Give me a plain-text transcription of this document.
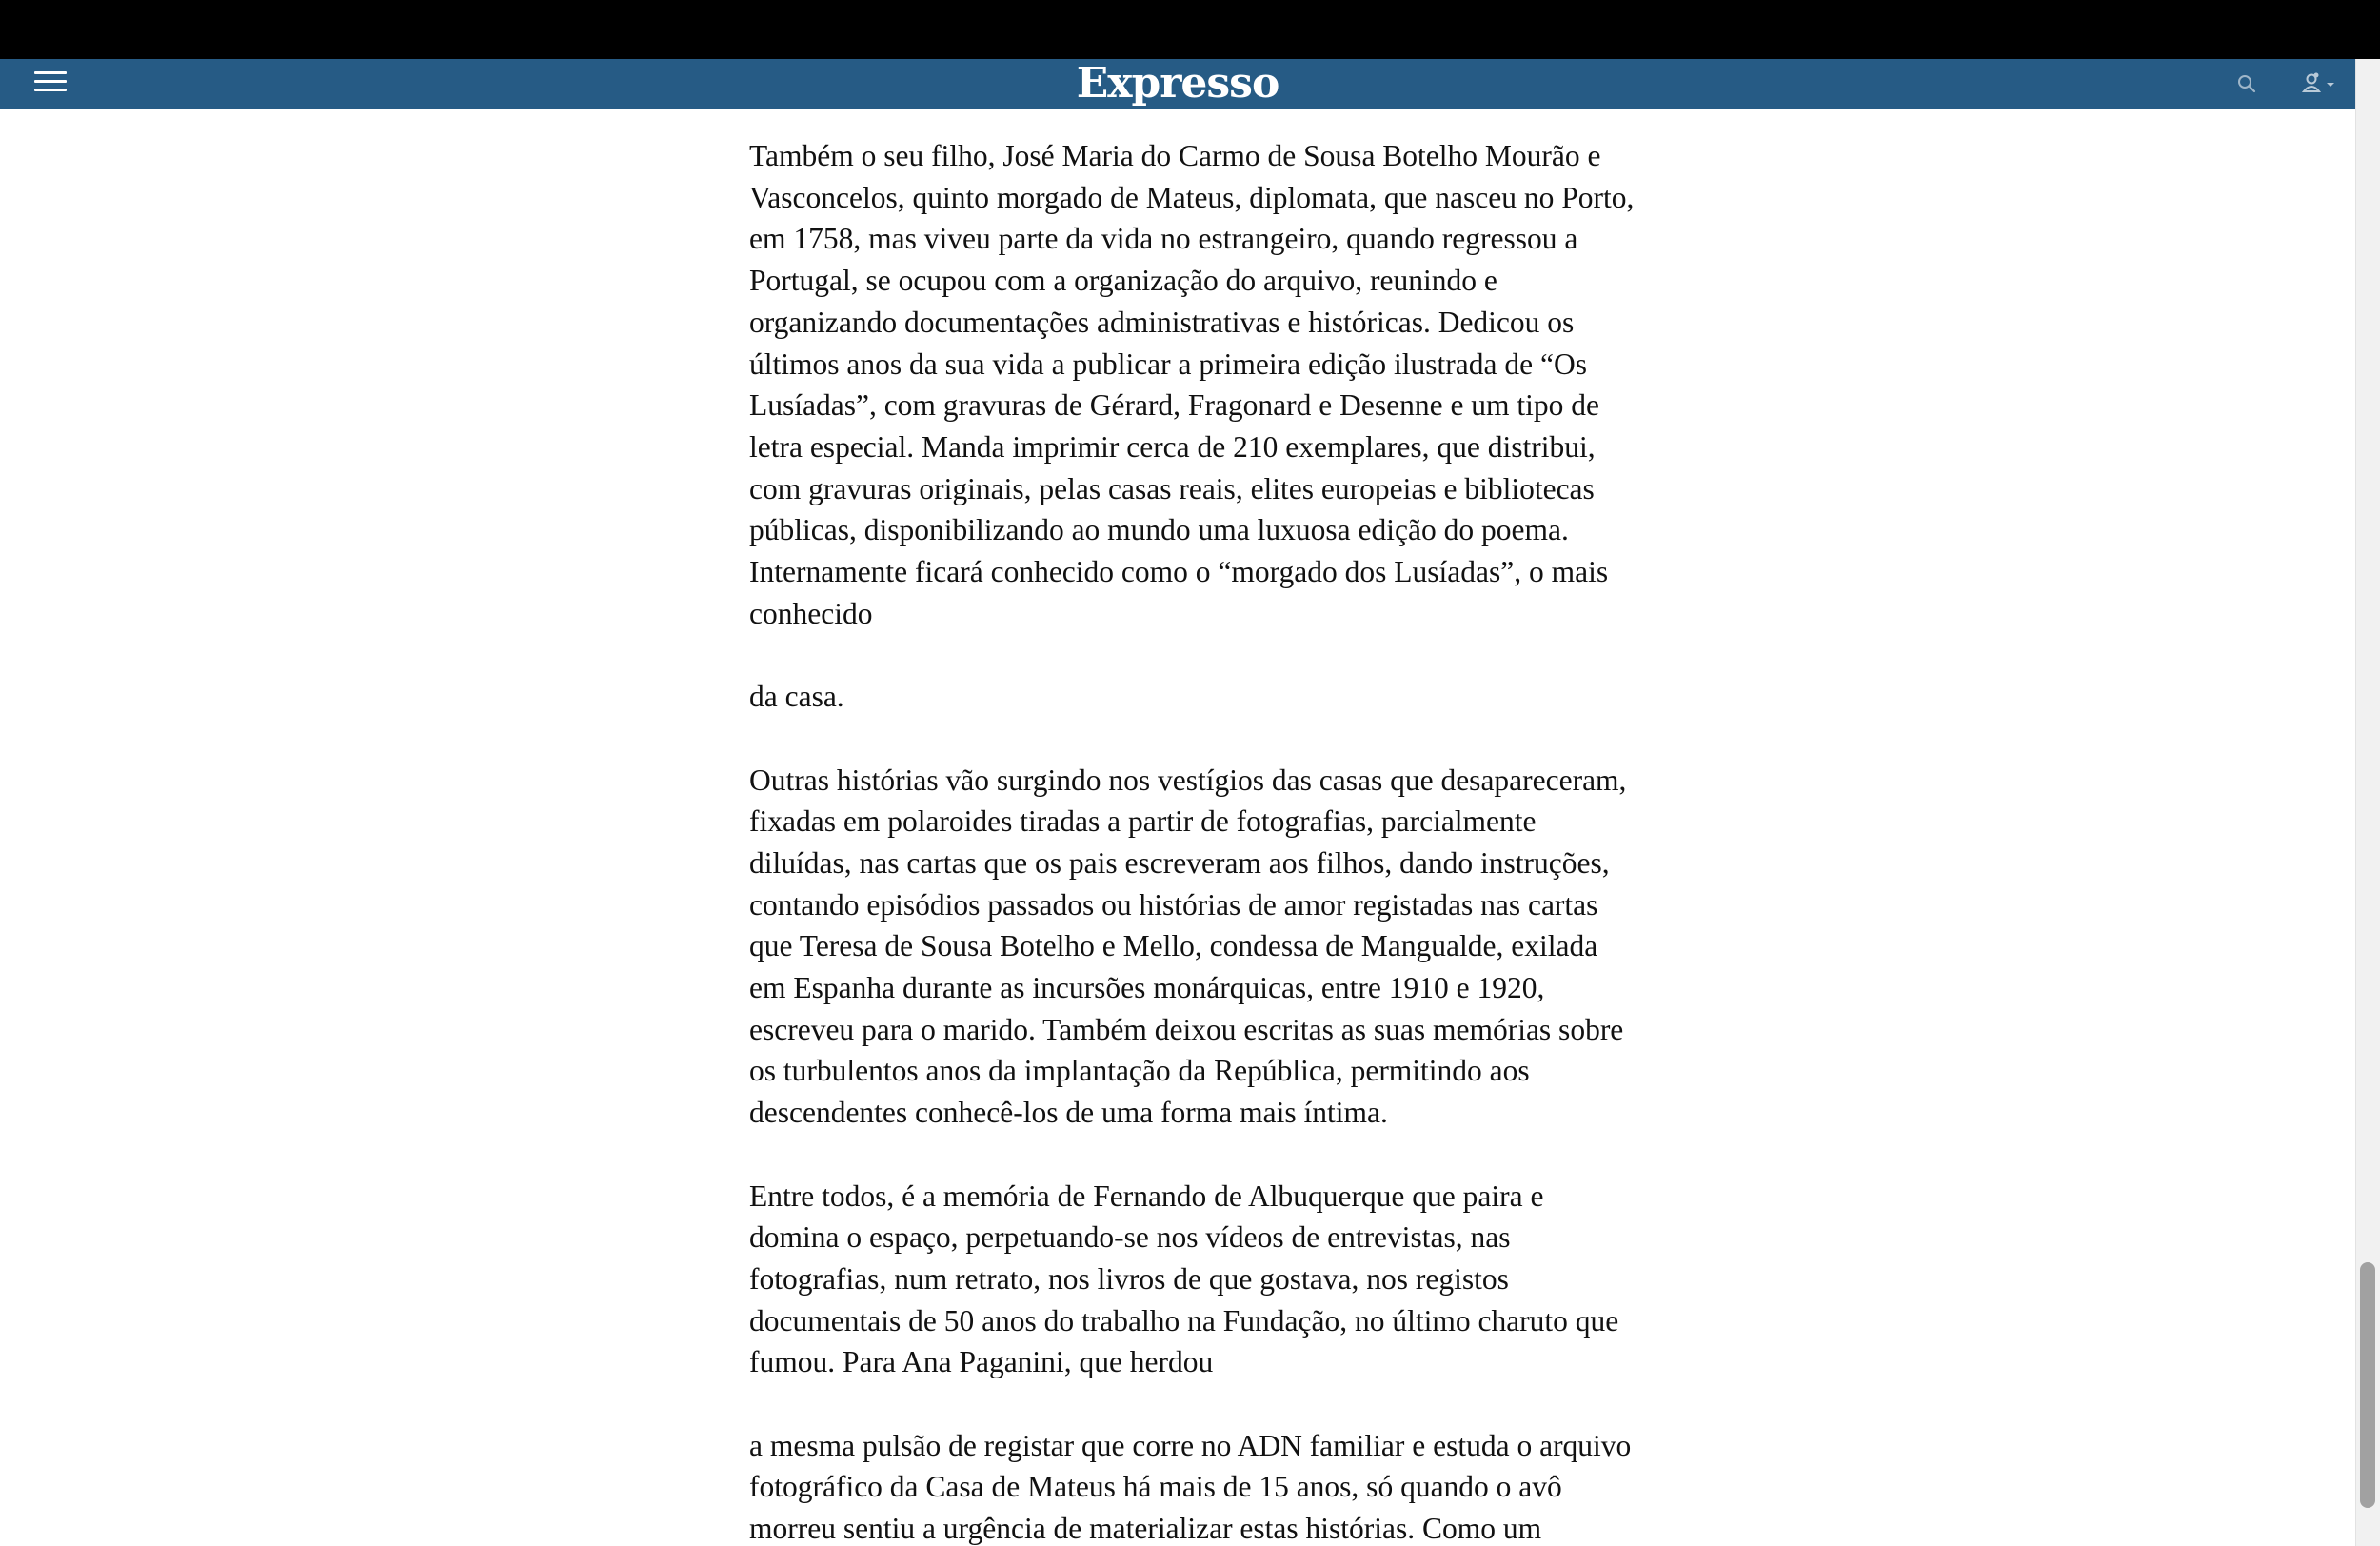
Expresso

Também o seu filho, José Maria do Carmo de Sousa Botelho Mourão e Vasconcelos, quinto morgado de Mateus, diplomata, que nasceu no Porto, em 1758, mas viveu parte da vida no estrangeiro, quando regressou a Portugal, se ocupou com a organização do arquivo, reunindo e organizando documentações administrativas e históricas. Dedicou os últimos anos da sua vida a publicar a primeira edição ilustrada de “Os Lusíadas”, com gravuras de Gérard, Fragonard e Desenne e um tipo de letra especial. Manda imprimir cerca de 210 exemplares, que distribui, com gravuras originais, pelas casas reais, elites europeias e bibliotecas públicas, disponibilizando ao mundo uma luxuosa edição do poema. Internamente ficará conhecido como o “morgado dos Lusíadas”, o mais conhecido

da casa.

Outras histórias vão surgindo nos vestígios das casas que desapareceram, fixadas em polaroides tiradas a partir de fotografias, parcialmente diluídas, nas cartas que os pais escreveram aos filhos, dando instruções, contando episódios passados ou histórias de amor registadas nas cartas que Teresa de Sousa Botelho e Mello, condessa de Mangualde, exilada em Espanha durante as incursões monárquicas, entre 1910 e 1920, escreveu para o marido. Também deixou escritas as suas memórias sobre os turbulentos anos da implantação da República, permitindo aos descendentes conhecê-los de uma forma mais íntima.

Entre todos, é a memória de Fernando de Albuquerque que paira e domina o espaço, perpetuando-se nos vídeos de entrevistas, nas fotografias, num retrato, nos livros de que gostava, nos registos documentais de 50 anos do trabalho na Fundação, no último charuto que fumou. Para Ana Paganini, que herdou

a mesma pulsão de registar que corre no ADN familiar e estuda o arquivo fotográfico da Casa de Mateus há mais de 15 anos, só quando o avô morreu sentiu a urgência de materializar estas histórias. Como um
